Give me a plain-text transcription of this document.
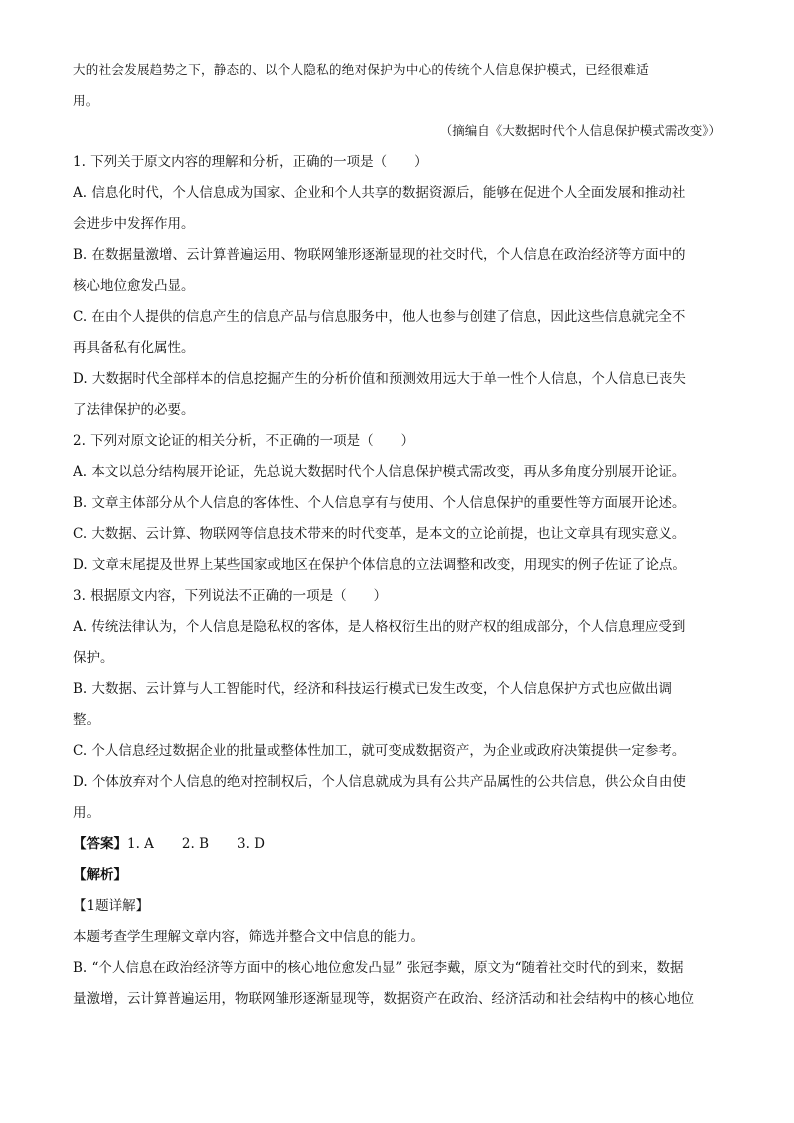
大的社会发展趋势之下，静态的、以个人隐私的绝对保护为中心的传统个人信息保护模式，已经很难适

用。

（摘编自《大数据时代个人信息保护模式需改变》）

1. 下列关于原文内容的理解和分析，正确的一项是（　　）

A. 信息化时代，个人信息成为国家、企业和个人共享的数据资源后，能够在促进个人全面发展和推动社

会进步中发挥作用。

B. 在数据量激增、云计算普遍运用、物联网雏形逐渐显现的社交时代，个人信息在政治经济等方面中的

核心地位愈发凸显。

C. 在由个人提供的信息产生的信息产品与信息服务中，他人也参与创建了信息，因此这些信息就完全不

再具备私有化属性。

D. 大数据时代全部样本的信息挖掘产生的分析价值和预测效用远大于单一性个人信息，个人信息已丧失

了法律保护的必要。

2. 下列对原文论证的相关分析，不正确的一项是（　　）

A. 本文以总分结构展开论证，先总说大数据时代个人信息保护模式需改变，再从多角度分别展开论证。

B. 文章主体部分从个人信息的客体性、个人信息享有与使用、个人信息保护的重要性等方面展开论述。

C. 大数据、云计算、物联网等信息技术带来的时代变革，是本文的立论前提，也让文章具有现实意义。

D. 文章末尾提及世界上某些国家或地区在保护个体信息的立法调整和改变，用现实的例子佐证了论点。

3. 根据原文内容，下列说法不正确的一项是（　　）

A. 传统法律认为，个人信息是隐私权的客体，是人格权衍生出的财产权的组成部分，个人信息理应受到

保护。

B. 大数据、云计算与人工智能时代，经济和科技运行模式已发生改变，个人信息保护方式也应做出调

整。

C. 个人信息经过数据企业的批量或整体性加工，就可变成数据资产，为企业或政府决策提供一定参考。

D. 个体放弃对个人信息的绝对控制权后，个人信息就成为具有公共产品属性的公共信息，供公众自由使

用。

【答案】1. A 2. B 3. D

【解析】

【1题详解】

本题考查学生理解文章内容，筛选并整合文中信息的能力。

B. “个人信息在政治经济等方面中的核心地位愈发凸显” 张冠李戴，原文为“随着社交时代的到来，数据

量激增，云计算普遍运用，物联网雏形逐渐显现等，数据资产在政治、经济活动和社会结构中的核心地位
